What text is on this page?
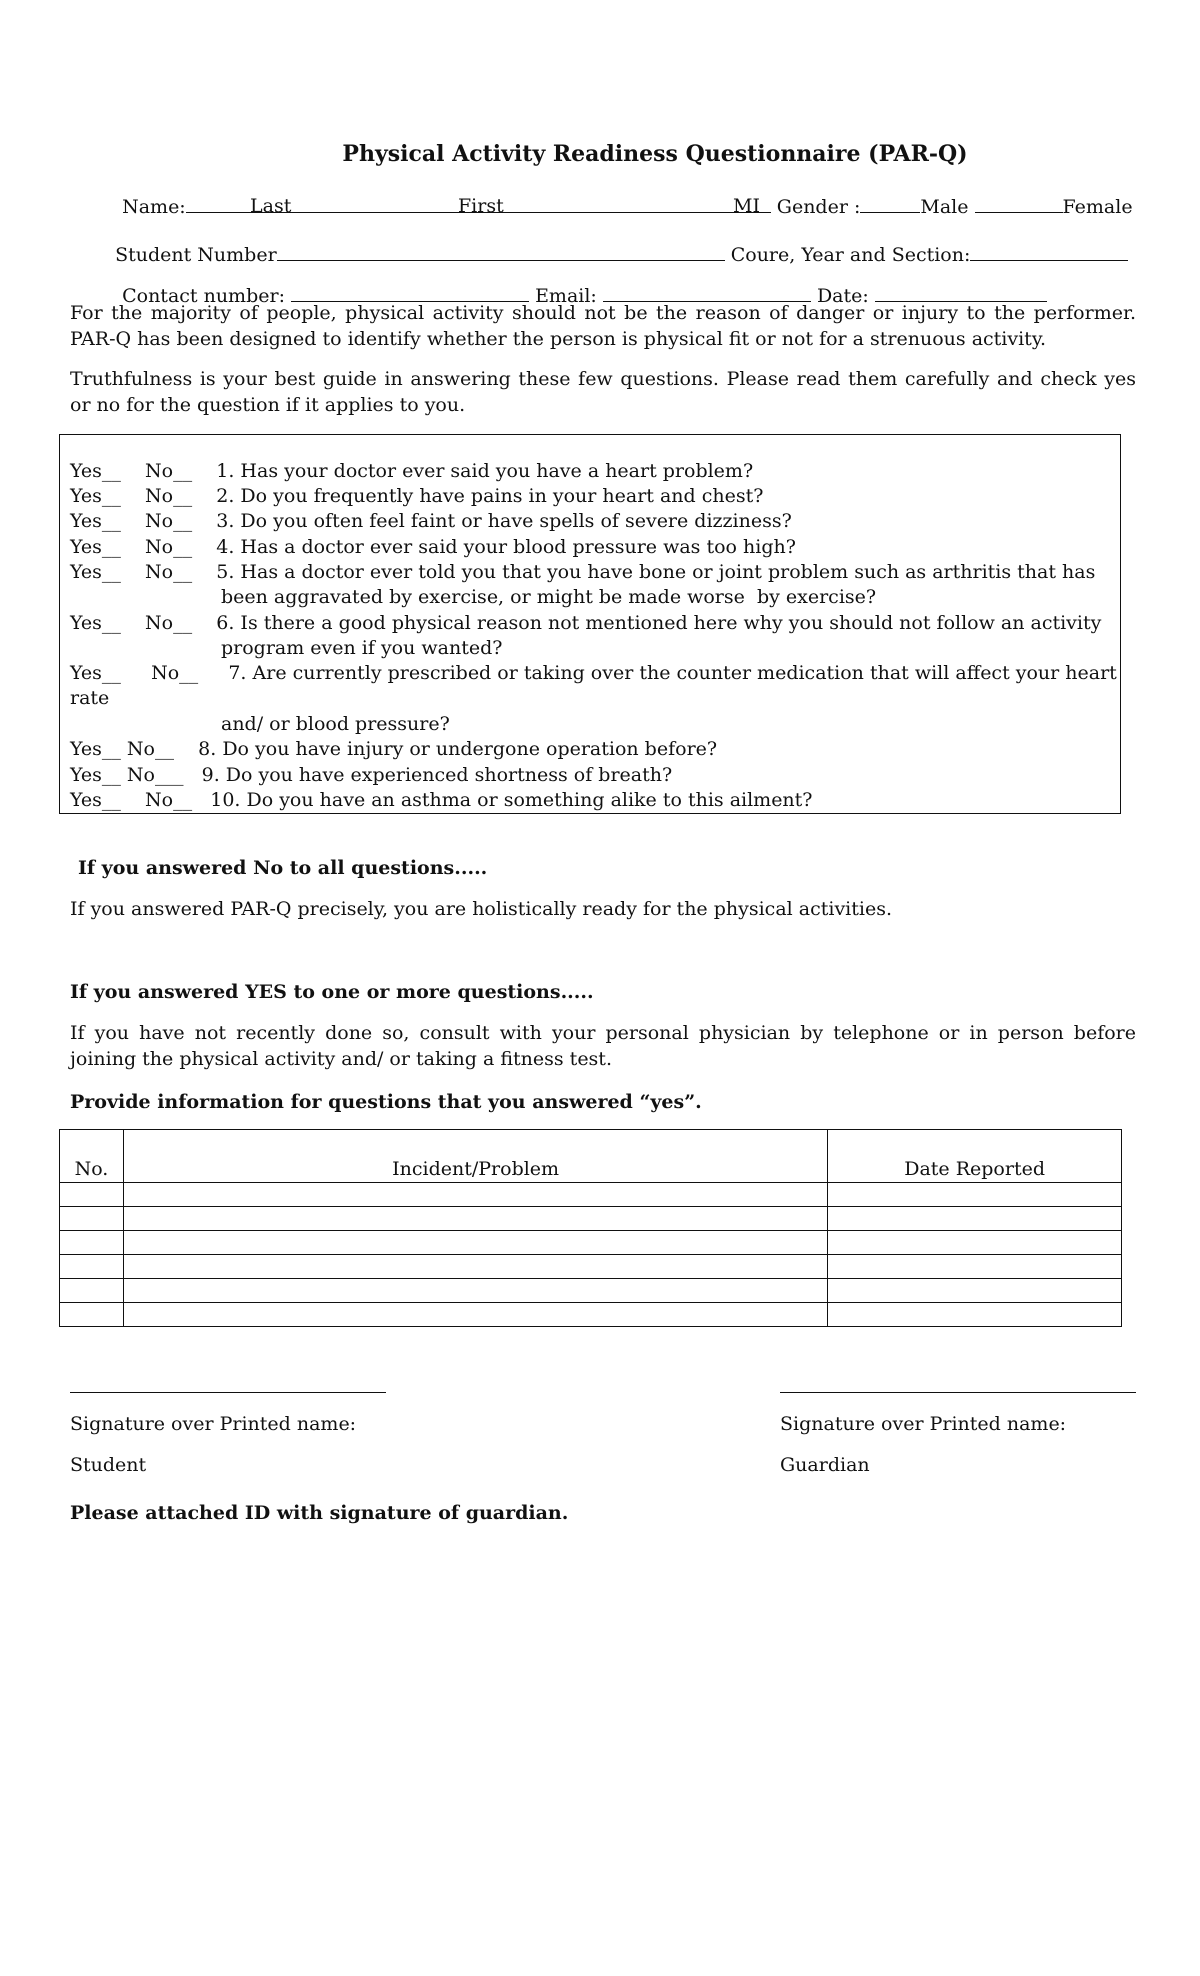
Physical Activity Readiness Questionnaire (PAR-Q)

Name:	Gender :	Male	Female

Last	First	MI

Student Number	Coure, Year and Section:

Contact number:	Email:	Date:

For the majority of people, physical activity should not be the reason of danger or injury to the performer. PAR-Q has been designed to identify whether the person is physical fit or not for a strenuous activity.
Truthfulness is your best guide in answering these few questions. Please read them carefully and check yes or no for the question if it applies to you.
Yes__    No__    1. Has your doctor ever said you have a heart problem?
Yes__    No__    2. Do you frequently have pains in your heart and chest?
Yes__    No__    3. Do you often feel faint or have spells of severe dizziness?
Yes__    No__    4. Has a doctor ever said your blood pressure was too high?
Yes__    No__    5. Has a doctor ever told you that you have bone or joint problem such as arthritis that has
been aggravated by exercise, or might be made worse  by exercise?
Yes__    No__    6. Is there a good physical reason not mentioned here why you should not follow an activity
program even if you wanted?
Yes__     No__     7. Are currently prescribed or taking over the counter medication that will affect your heart
rate
and/ or blood pressure?
Yes__ No__    8. Do you have injury or undergone operation before?
Yes__ No___   9. Do you have experienced shortness of breath?
Yes__    No__   10. Do you have an asthma or something alike to this ailment?
If you answered No to all questions.....
If you answered PAR-Q precisely, you are holistically ready for the physical activities.
If you answered YES to one or more questions.....
If you have not recently done so, consult with your personal physician by telephone or in person before joining the physical activity and/ or taking a fitness test.
Provide information for questions that you answered “yes”.
No.	Incident/Problem	Date Reported

Signature over Printed name:	Signature over Printed name:
Student	Guardian
Please attached ID with signature of guardian.
